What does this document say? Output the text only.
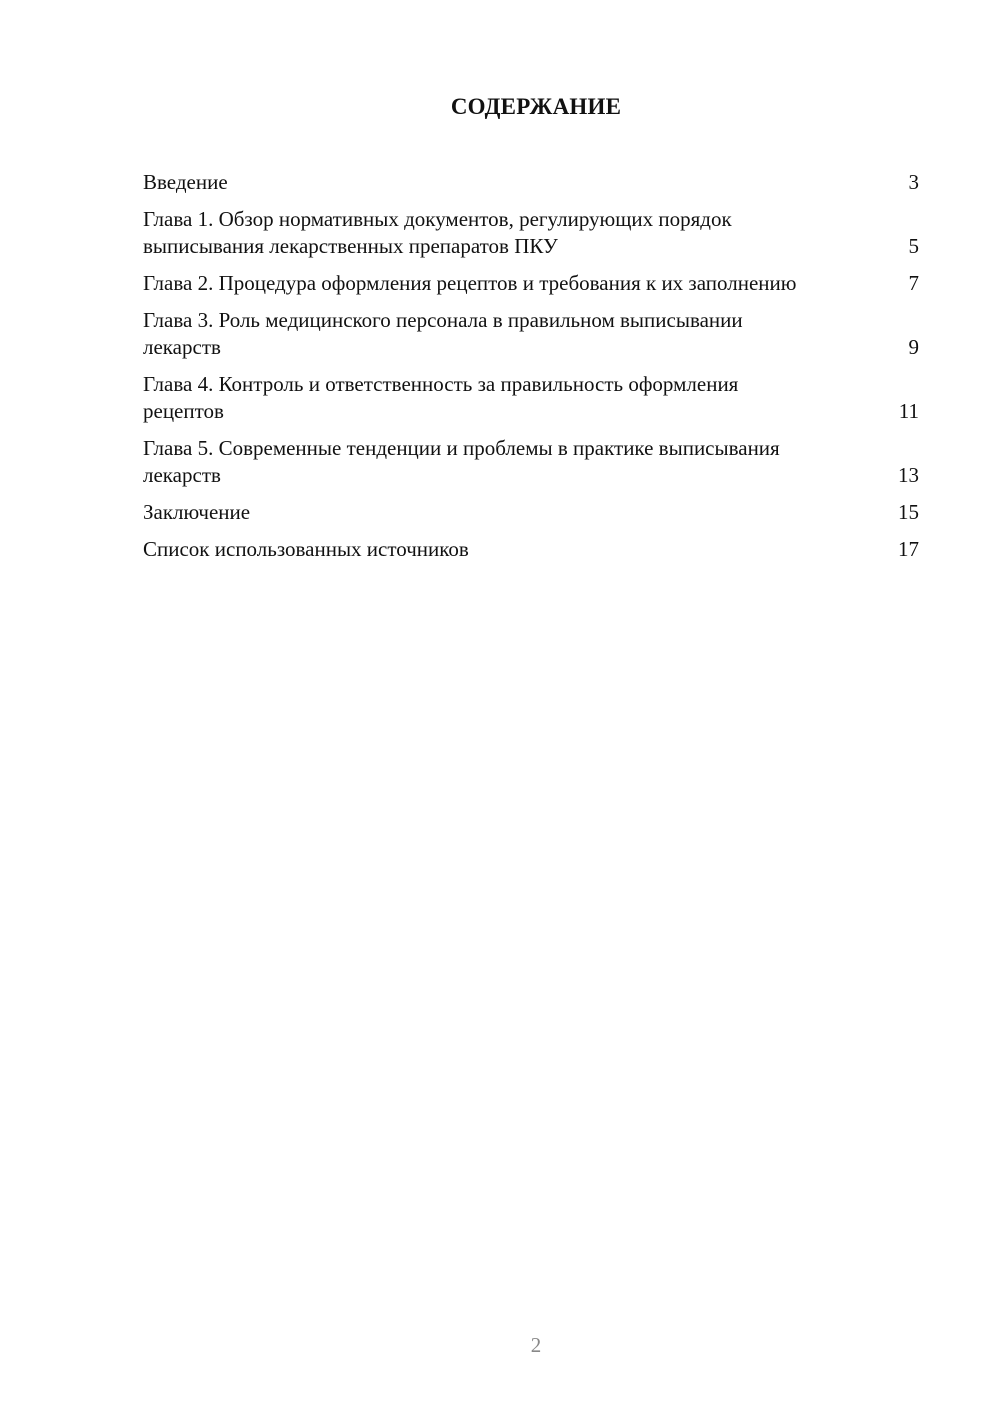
СОДЕРЖАНИЕ
Введение	3
Глава 1. Обзор нормативных документов, регулирующих порядок выписывания лекарственных препаратов ПКУ	5
Глава 2. Процедура оформления рецептов и требования к их заполнению	7
Глава 3. Роль медицинского персонала в правильном выписывании лекарств	9
Глава 4. Контроль и ответственность за правильность оформления рецептов	11
Глава 5. Современные тенденции и проблемы в практике выписывания лекарств	13
Заключение	15
Список использованных источников	17
2
